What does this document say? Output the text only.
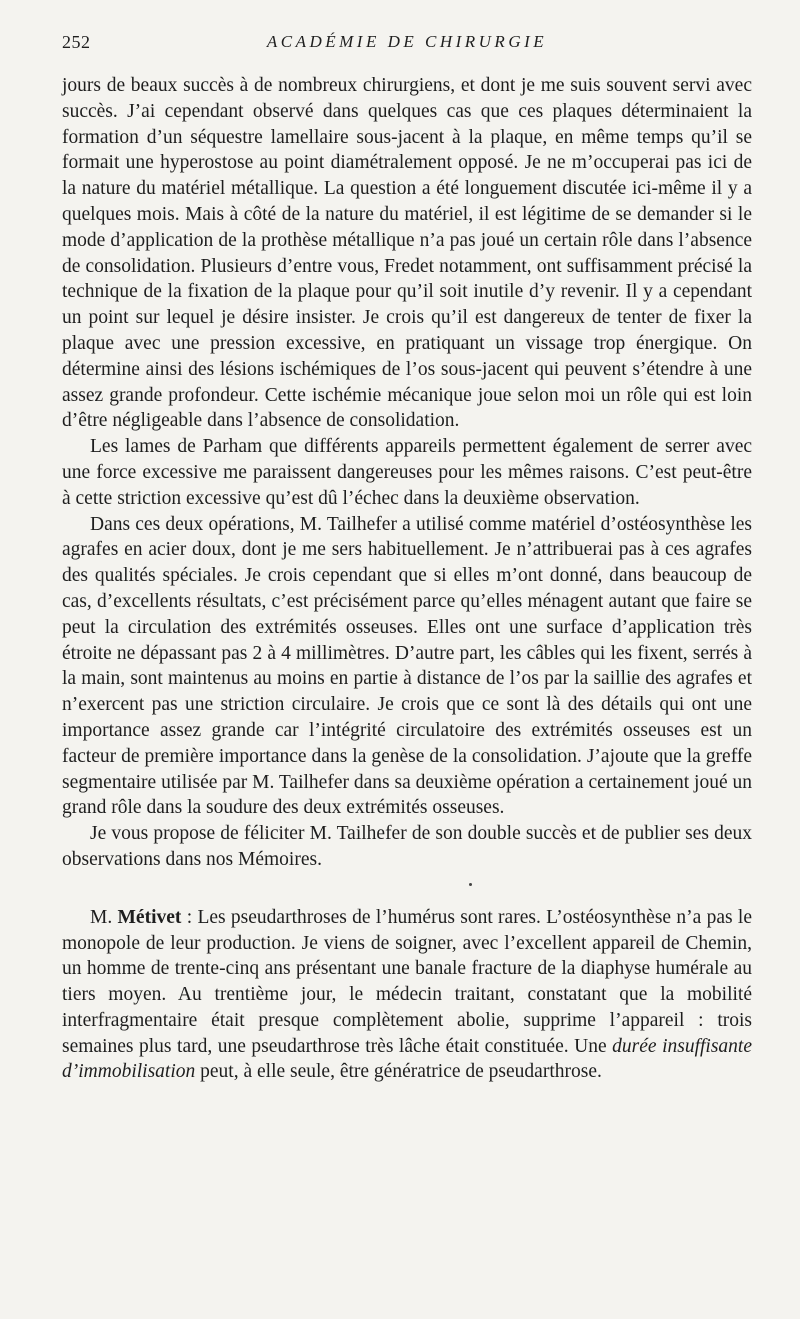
252	ACADÉMIE DE CHIRURGIE

jours de beaux succès à de nombreux chirurgiens, et dont je me suis souvent servi avec succès. J’ai cependant observé dans quelques cas que ces plaques déterminaient la formation d’un séquestre lamellaire sous-jacent à la plaque, en même temps qu’il se formait une hyperostose au point diamétralement opposé. Je ne m’occuperai pas ici de la nature du matériel métallique. La question a été longuement discutée ici-même il y a quelques mois. Mais à côté de la nature du matériel, il est légitime de se demander si le mode d’application de la prothèse métallique n’a pas joué un certain rôle dans l’absence de consolidation. Plusieurs d’entre vous, Fredet notamment, ont suffisamment précisé la technique de la fixation de la plaque pour qu’il soit inutile d’y revenir. Il y a cependant un point sur lequel je désire insister. Je crois qu’il est dangereux de tenter de fixer la plaque avec une pression excessive, en pratiquant un vissage trop énergique. On détermine ainsi des lésions ischémiques de l’os sous-jacent qui peuvent s’étendre à une assez grande profondeur. Cette ischémie mécanique joue selon moi un rôle qui est loin d’être négligeable dans l’absence de consolidation.

Les lames de Parham que différents appareils permettent également de serrer avec une force excessive me paraissent dangereuses pour les mêmes raisons. C’est peut-être à cette striction excessive qu’est dû l’échec dans la deuxième observation.

Dans ces deux opérations, M. Tailhefer a utilisé comme matériel d’ostéosynthèse les agrafes en acier doux, dont je me sers habituellement. Je n’attribuerai pas à ces agrafes des qualités spéciales. Je crois cependant que si elles m’ont donné, dans beaucoup de cas, d’excellents résultats, c’est précisément parce qu’elles ménagent autant que faire se peut la circulation des extrémités osseuses. Elles ont une surface d’application très étroite ne dépassant pas 2 à 4 millimètres. D’autre part, les câbles qui les fixent, serrés à la main, sont maintenus au moins en partie à distance de l’os par la saillie des agrafes et n’exercent pas une striction circulaire. Je crois que ce sont là des détails qui ont une importance assez grande car l’intégrité circulatoire des extrémités osseuses est un facteur de première importance dans la genèse de la consolidation. J’ajoute que la greffe segmentaire utilisée par M. Tailhefer dans sa deuxième opération a certainement joué un grand rôle dans la soudure des deux extrémités osseuses.

Je vous propose de féliciter M. Tailhefer de son double succès et de publier ses deux observations dans nos Mémoires.

M. Métivet : Les pseudarthroses de l’humérus sont rares. L’ostéosynthèse n’a pas le monopole de leur production. Je viens de soigner, avec l’excellent appareil de Chemin, un homme de trente-cinq ans présentant une banale fracture de la diaphyse humérale au tiers moyen. Au trentième jour, le médecin traitant, constatant que la mobilité interfragmentaire était presque complètement abolie, supprime l’appareil : trois semaines plus tard, une pseudarthrose très lâche était constituée. Une durée insuffisante d’immobilisation peut, à elle seule, être génératrice de pseudarthrose.
